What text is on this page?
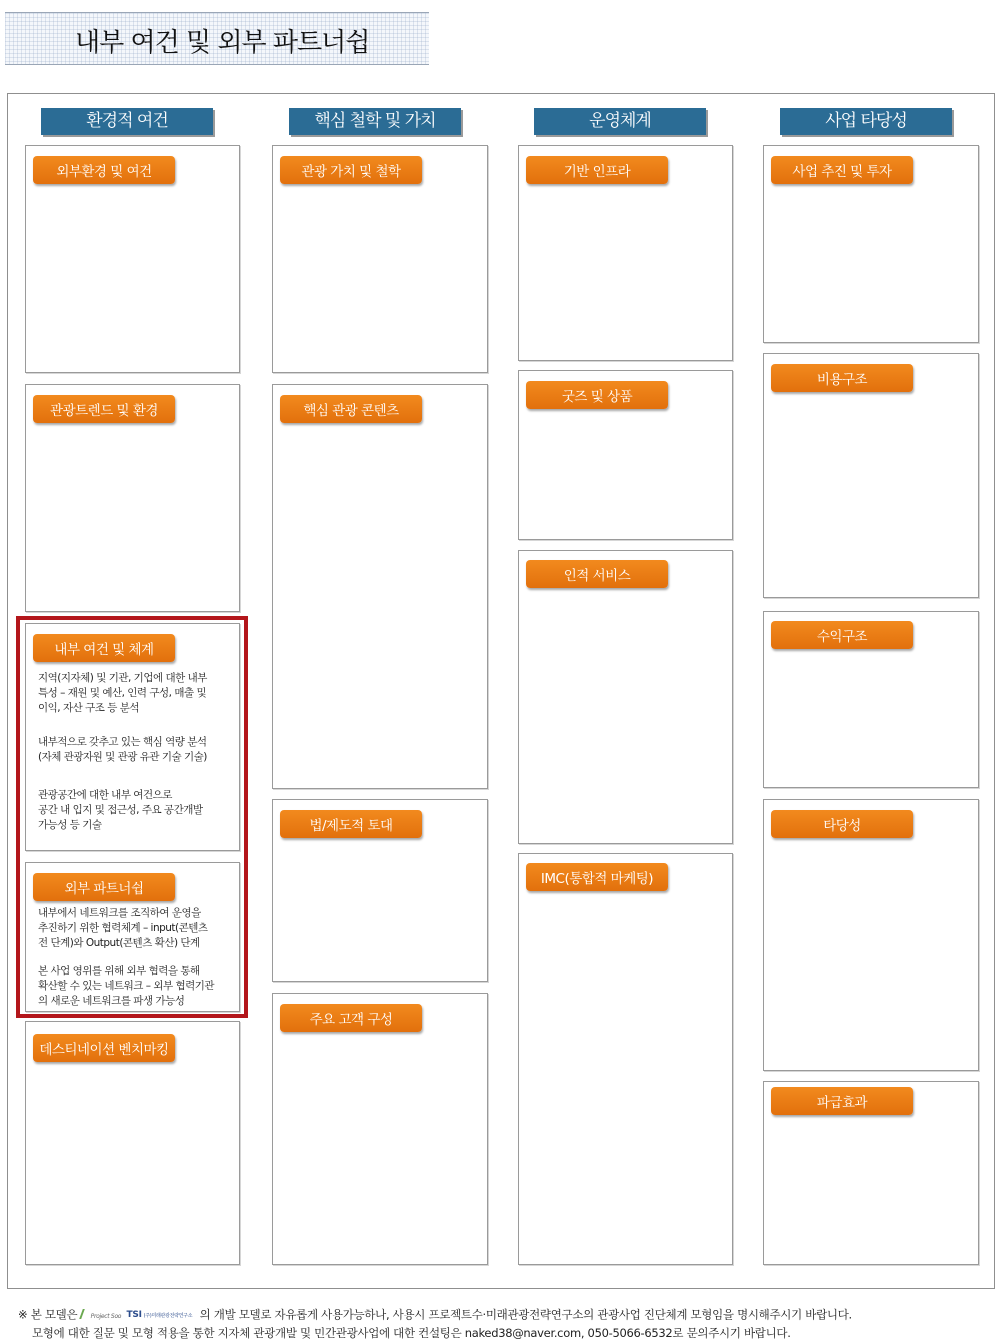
내부 여건 및 외부 파트너쉽
환경적 여건	핵심 철학 및 가치	운영체계	사업 타당성
외부환경 및 여건
관광트렌드 및 환경
내부 여건 및 체계
지역(지자체) 및 기관, 기업에 대한 내부
특성 – 재원 및 예산, 인력 구성, 매출 및
이익, 자산 구조 등 분석
내부적으로 갖추고 있는 핵심 역량 분석
(자체 관광자원 및 관광 유관 기술 기술)
관광공간에 대한 내부 여건으로
공간 내 입지 및 접근성, 주요 공간개발
가능성 등 기술
외부 파트너쉽
내부에서 네트워크를 조직하여 운영을
추진하기 위한 협력체계 – input(콘텐츠
전 단계)와 Output(콘텐츠 확산) 단계
본 사업 영위를 위해 외부 협력을 통해
확산할 수 있는 네트워크 – 외부 협력기관
의 새로운 네트워크를 파생 가능성
데스티네이션 벤치마킹
관광 가치 및 철학
핵심 관광 콘텐츠
법/제도적 토대
주요 고객 구성
기반 인프라
굿즈 및 상품
인적 서비스
IMC(통합적 마케팅)
사업 추진 및 투자
비용구조
수익구조
타당성
파급효과
※ 본 모델은 Project Soo TSI (주)미래관광전략연구소 의 개발 모델로 자유롭게 사용가능하나, 사용시 프로젝트수·미래관광전략연구소의 관광사업 진단체계 모형임을 명시해주시기 바랍니다.
모형에 대한 질문 및 모형 적용을 통한 지자체 관광개발 및 민간관광사업에 대한 컨설팅은 naked38@naver.com, 050-5066-6532로 문의주시기 바랍니다.
